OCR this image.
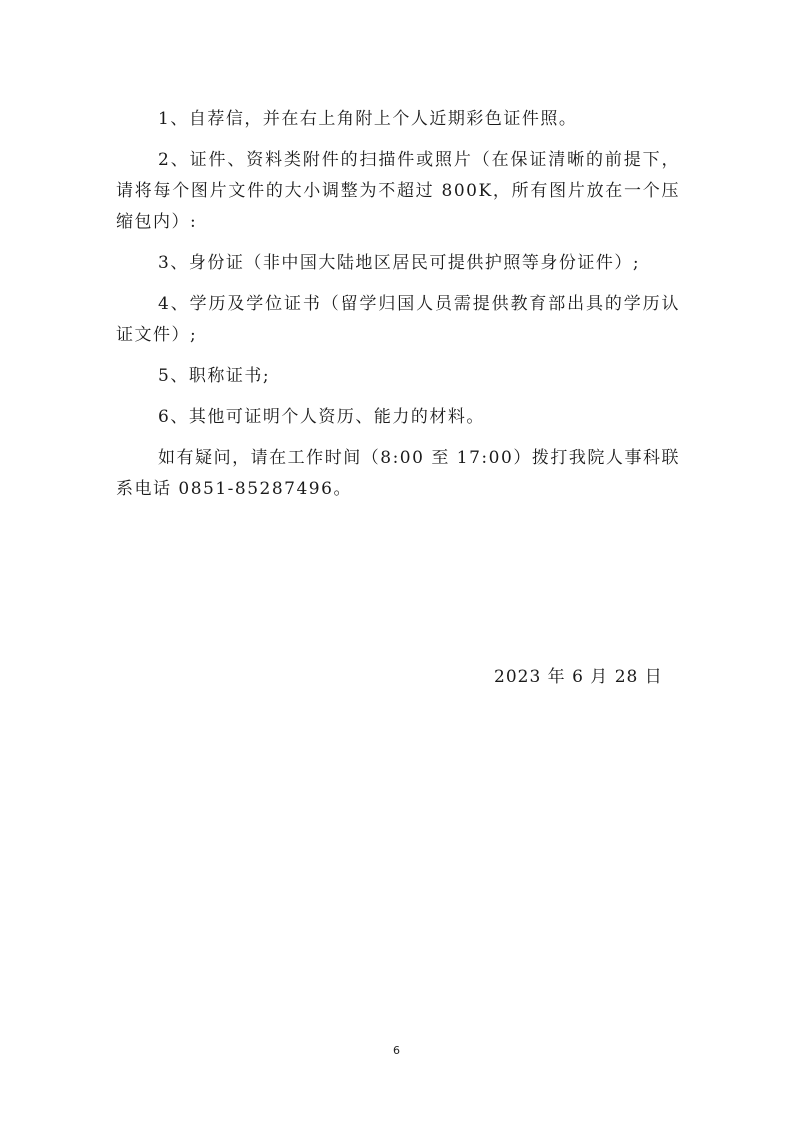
1、自荐信，并在右上角附上个人近期彩色证件照。

2、证件、资料类附件的扫描件或照片（在保证清晰的前提下，请将每个图片文件的大小调整为不超过 800K，所有图片放在一个压缩包内）:

3、身份证（非中国大陆地区居民可提供护照等身份证件）;

4、学历及学位证书（留学归国人员需提供教育部出具的学历认证文件）;

5、职称证书;

6、其他可证明个人资历、能力的材料。

如有疑问，请在工作时间（8:00 至 17:00）拨打我院人事科联系电话 0851-85287496。

2023 年 6 月 28 日
6
